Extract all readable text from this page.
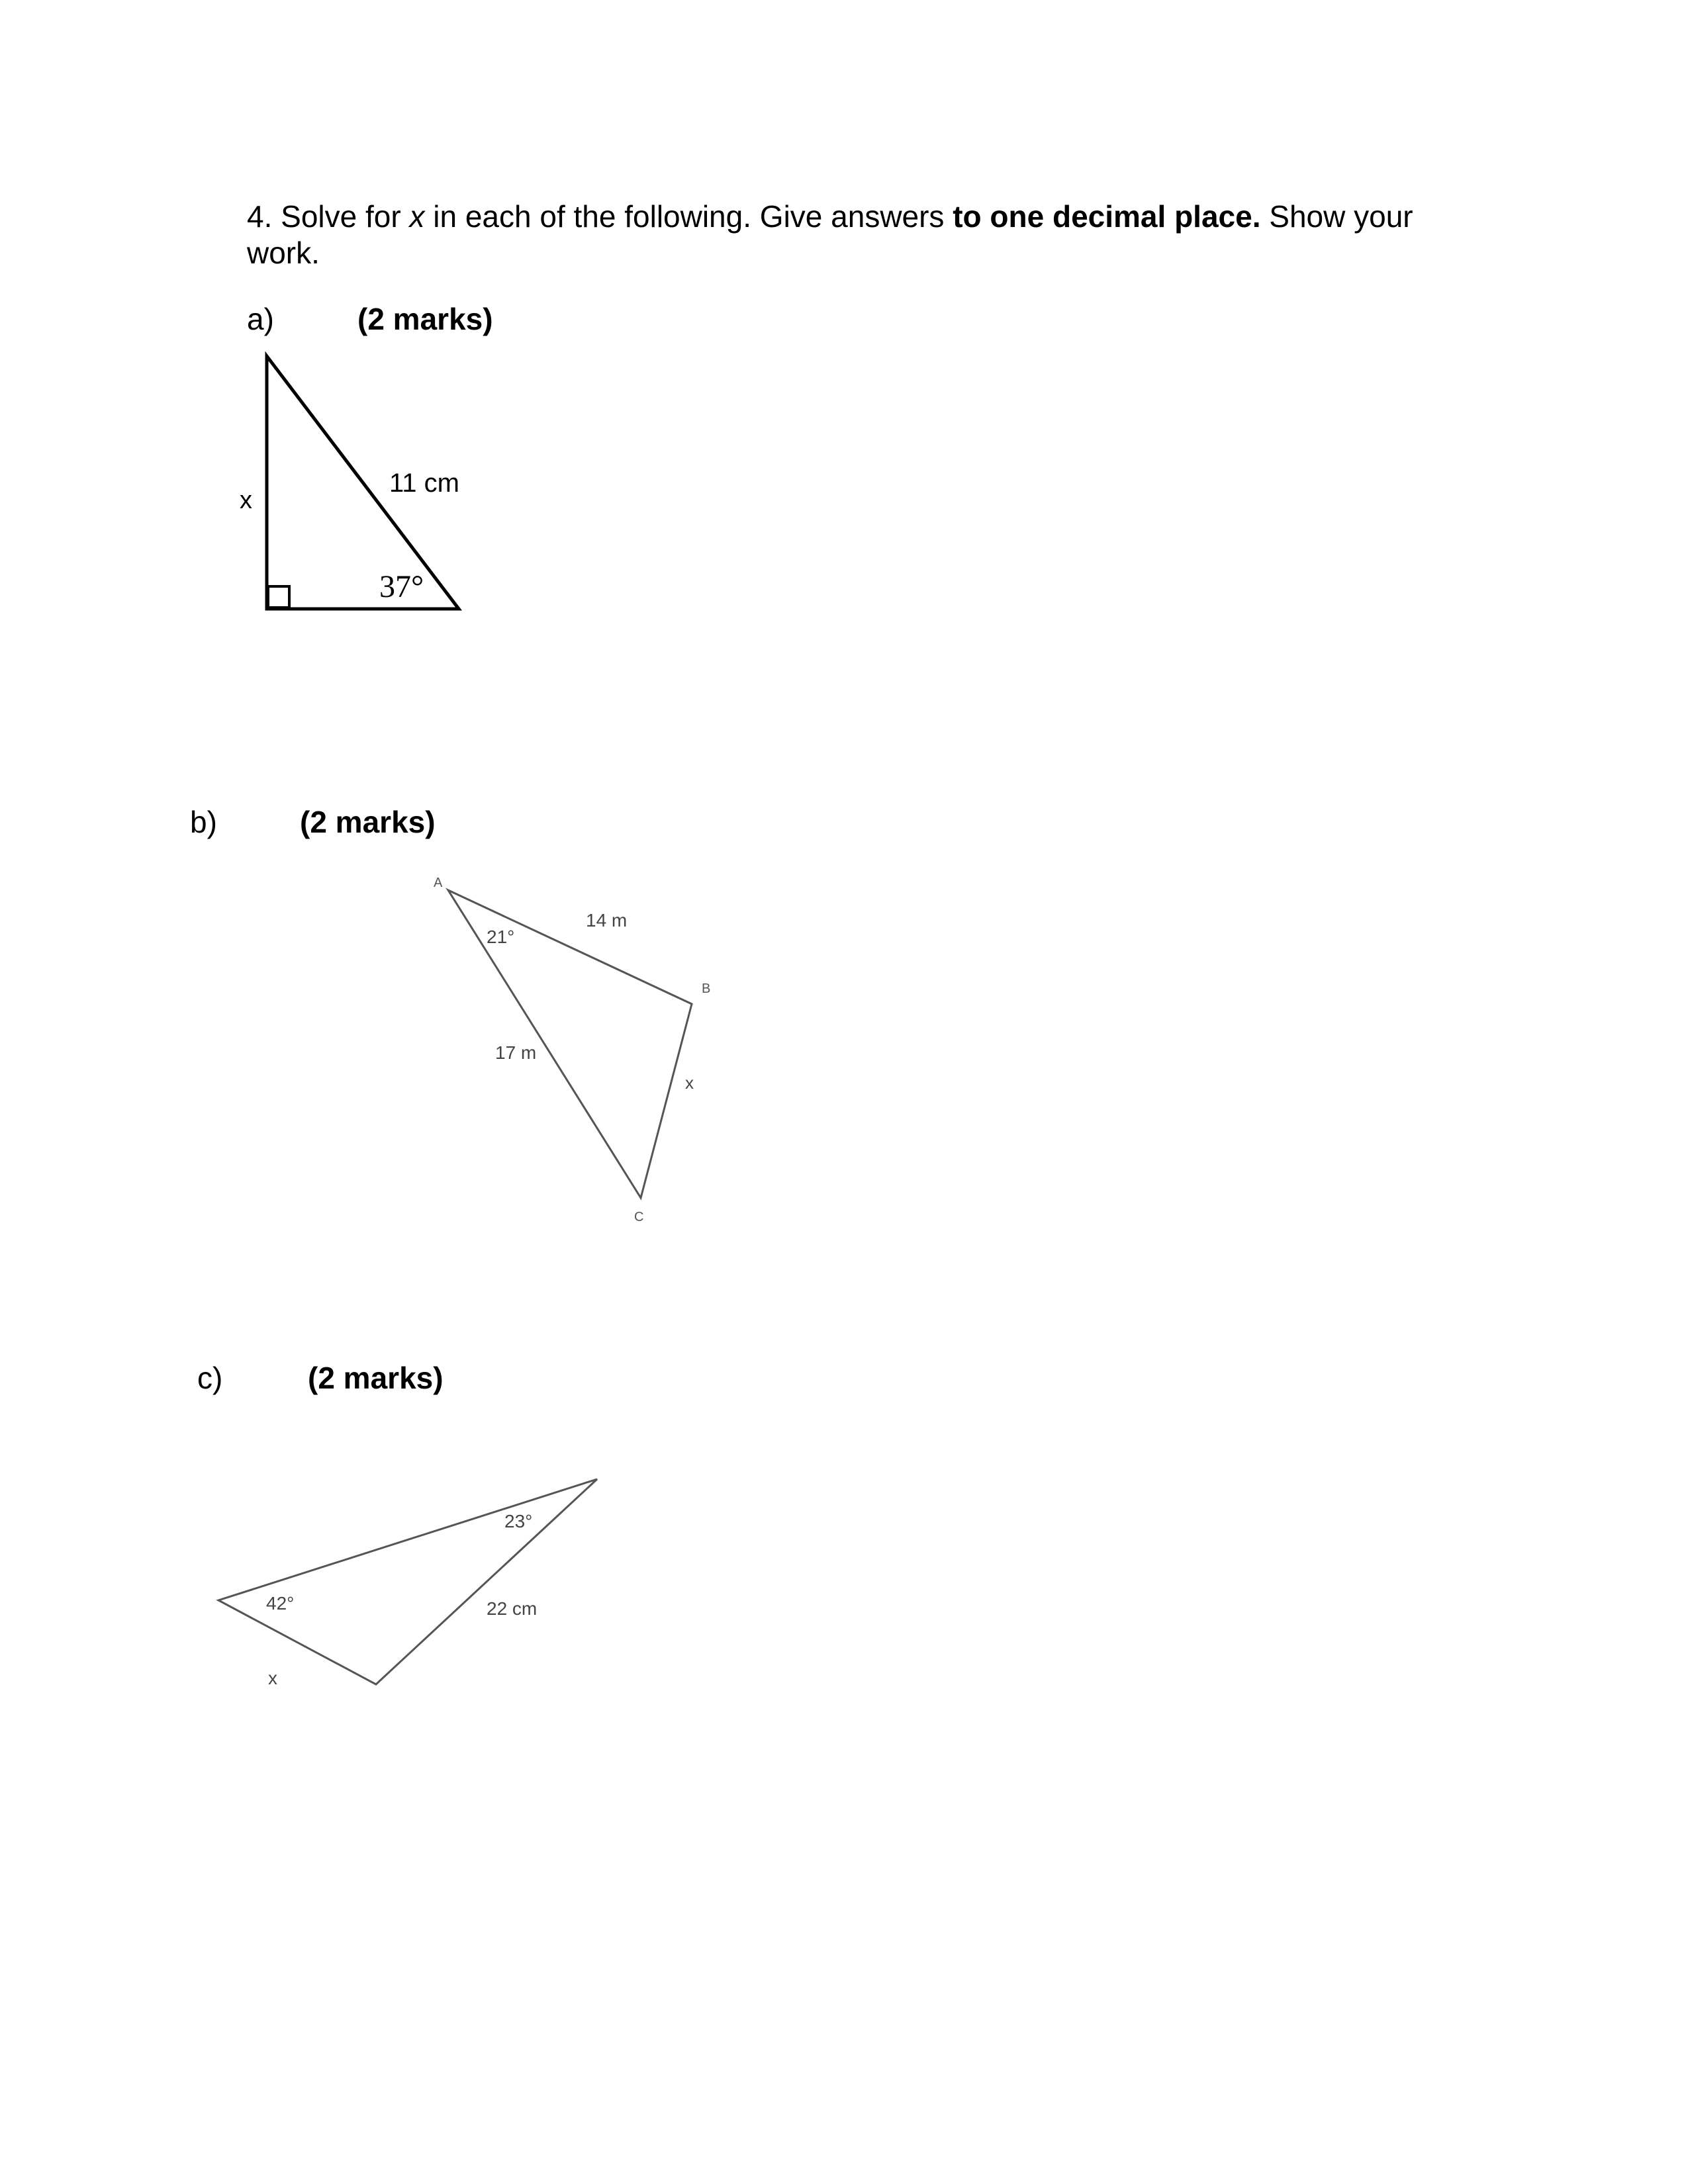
4. Solve for x in each of the following. Give answers to one decimal place. Show your work.
a)	(2 marks)
b)	(2 marks)
c)	(2 marks)
x
11 cm
37°
A
B
C
14 m
17 m
x
21°
42°
23°
22 cm
x
